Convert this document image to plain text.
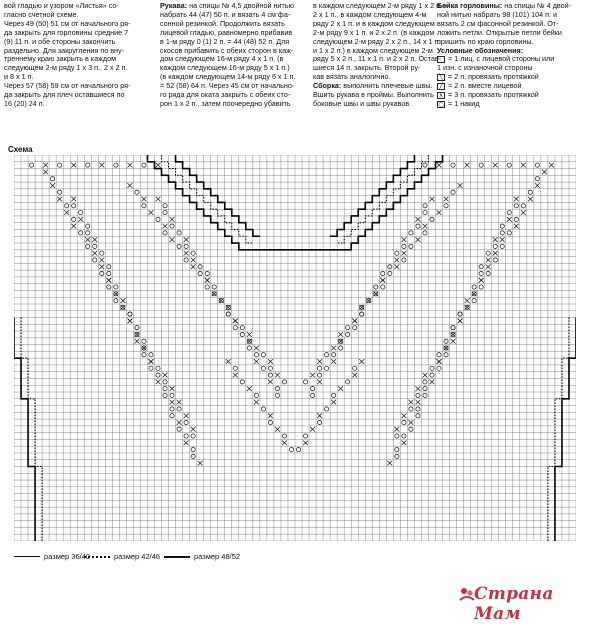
вой гладью и узором «Листья» со-

гласно счетной схеме.

Через 49 (50) 51 см от начального ря-

да закрыть для горловины средние 7

(9) 11 п. и обе стороны закончить

раздельно. Для закругления по вну-

треннему краю закрыть в каждом

следующем 2-м ряду 1 х 3 п., 2 х 2 п.

и 8 х 1 п.

Через 57 (58) 59 см от начального ря-

да закрыть для плеч оставшиеся по

16 (20) 24 п.

Рукава: на спицы № 4,5 двойной нитью

набрать 44 (47) 50 п. и вязать 4 см фа-

сонной резинкой. Продолжить вязать

лицевой гладью, равномерно прибавив

в 1-м ряду 0 (1) 2 п. = 44 (48) 52 п. Для

скосов прибавить с обеих сторон в каж-

дом следующем 16-м ряду 4 х 1 п. (в

каждом следующем 16-м ряду 5 х 1 п.)

(в каждом следующем 14-м ряду 6 х 1 п.

= 52 (58) 64 п. Через 45 см от начально-

го ряда для оката закрыть с обеих сто-

рон 1 х 2 п., затем поочередно убавить

в каждом следующем 2-м ряду 1 х 2 п. и

2 х 1 п., в каждом следующем 4-м

ряду 2 х 1 п. и в каждом следующем

2-м ряду 9 х 1 п. и 2 х 2 п. (в каждом

следующем 2-м ряду 2 х 2 п., 14 х 1 п.

и 1 х 2 п.) в каждом следующем 2-м

ряду 5 х 2 п., 11 х 1 п. и 2 х 2 п. Остав-

шиеся 14 п. закрыть. Второй ру-

кав вязать аналогично.

Сборка: выполнить плечевые швы.

Вшить рукава в проймы. Выполнить

боковые швы и швы рукавов.

Бейка горловины: на спицы № 4 двой-

ной нитью набрать 98 (101) 104 п. и

вязать 2 см фасонной резинкой. От-

ложить петли. Открытые петли бейки

пришить по краю горловины.

Условные обозначения:

= 1 лиц. с лицевой стороны или

1 изн. с изнаночной стороны

╲ = 2 п. провязать протяжкой

╱ = 2 п. вместе лицевой

∧ = 3 п. провязать протяжкой

○ = 1 накид

Схема
размер 36/40	размер 42/46	размер 48/52
Страна Мам
